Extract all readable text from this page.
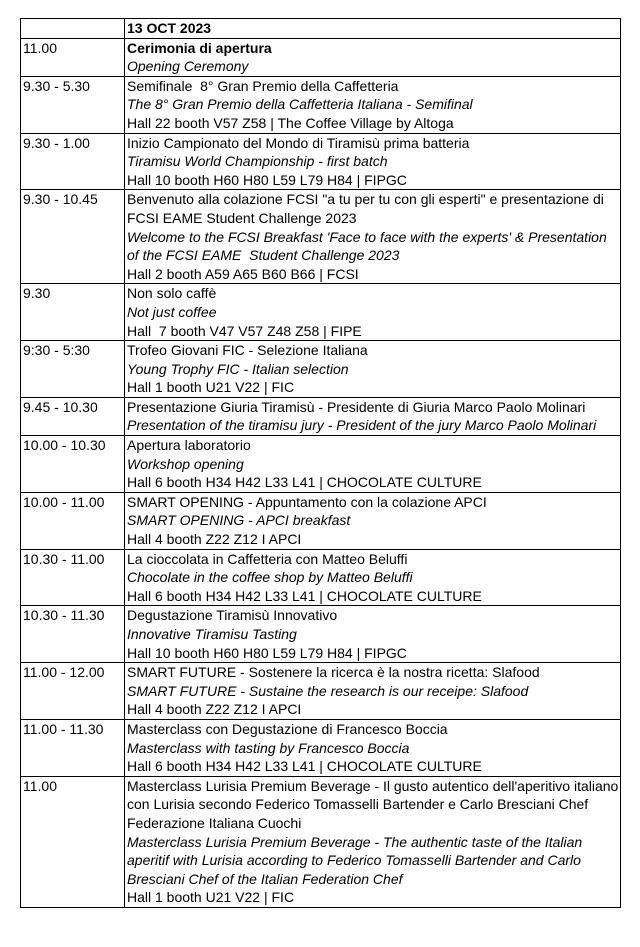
	13 OCT 2023
11.00	Cerimonia di apertura
Opening Ceremony

9.30 - 5.30	Semifinale  8° Gran Premio della Caffetteria
The 8° Gran Premio della Caffetteria Italiana - Semifinal
Hall 22 booth V57 Z58 | The Coffee Village by Altoga

9.30 - 1.00	Inizio Campionato del Mondo di Tiramisù prima batteria
Tiramisu World Championship - first batch
Hall 10 booth H60 H80 L59 L79 H84 | FIPGC

9.30 - 10.45	Benvenuto alla colazione FCSI "a tu per tu con gli esperti" e presentazione di FCSI EAME Student Challenge 2023
Welcome to the FCSI Breakfast 'Face to face with the experts' & Presentation of the FCSI EAME  Student Challenge 2023
Hall 2 booth A59 A65 B60 B66 | FCSI

9.30	Non solo caffè
Not just coffee
Hall  7 booth V47 V57 Z48 Z58 | FIPE

9:30 - 5:30	Trofeo Giovani FIC - Selezione Italiana
Young Trophy FIC - Italian selection
Hall 1 booth U21 V22 | FIC

9.45 - 10.30	Presentazione Giuria Tiramisù - Presidente di Giuria Marco Paolo Molinari
Presentation of the tiramisu jury - President of the jury Marco Paolo Molinari

10.00 - 10.30	Apertura laboratorio
Workshop opening
Hall 6 booth H34 H42 L33 L41 | CHOCOLATE CULTURE

10.00 - 11.00	SMART OPENING - Appuntamento con la colazione APCI
SMART OPENING - APCI breakfast
Hall 4 booth Z22 Z12 I APCI

10.30 - 11.00	La cioccolata in Caffetteria con Matteo Beluffi
Chocolate in the coffee shop by Matteo Beluffi
Hall 6 booth H34 H42 L33 L41 | CHOCOLATE CULTURE

10.30 - 11.30	Degustazione Tiramisù Innovativo
Innovative Tiramisu Tasting
Hall 10 booth H60 H80 L59 L79 H84 | FIPGC

11.00 - 12.00	SMART FUTURE - Sostenere la ricerca è la nostra ricetta: Slafood
SMART FUTURE - Sustaine the research is our receipe: Slafood
Hall 4 booth Z22 Z12 I APCI

11.00 - 11.30	Masterclass con Degustazione di Francesco Boccia
Masterclass with tasting by Francesco Boccia
Hall 6 booth H34 H42 L33 L41 | CHOCOLATE CULTURE

11.00	Masterclass Lurisia Premium Beverage - Il gusto autentico dell'aperitivo italiano con Lurisia secondo Federico Tomasselli Bartender e Carlo Bresciani Chef Federazione Italiana Cuochi
Masterclass Lurisia Premium Beverage - The authentic taste of the Italian aperitif with Lurisia according to Federico Tomasselli Bartender and Carlo Bresciani Chef of the Italian Federation Chef
Hall 1 booth U21 V22 | FIC
